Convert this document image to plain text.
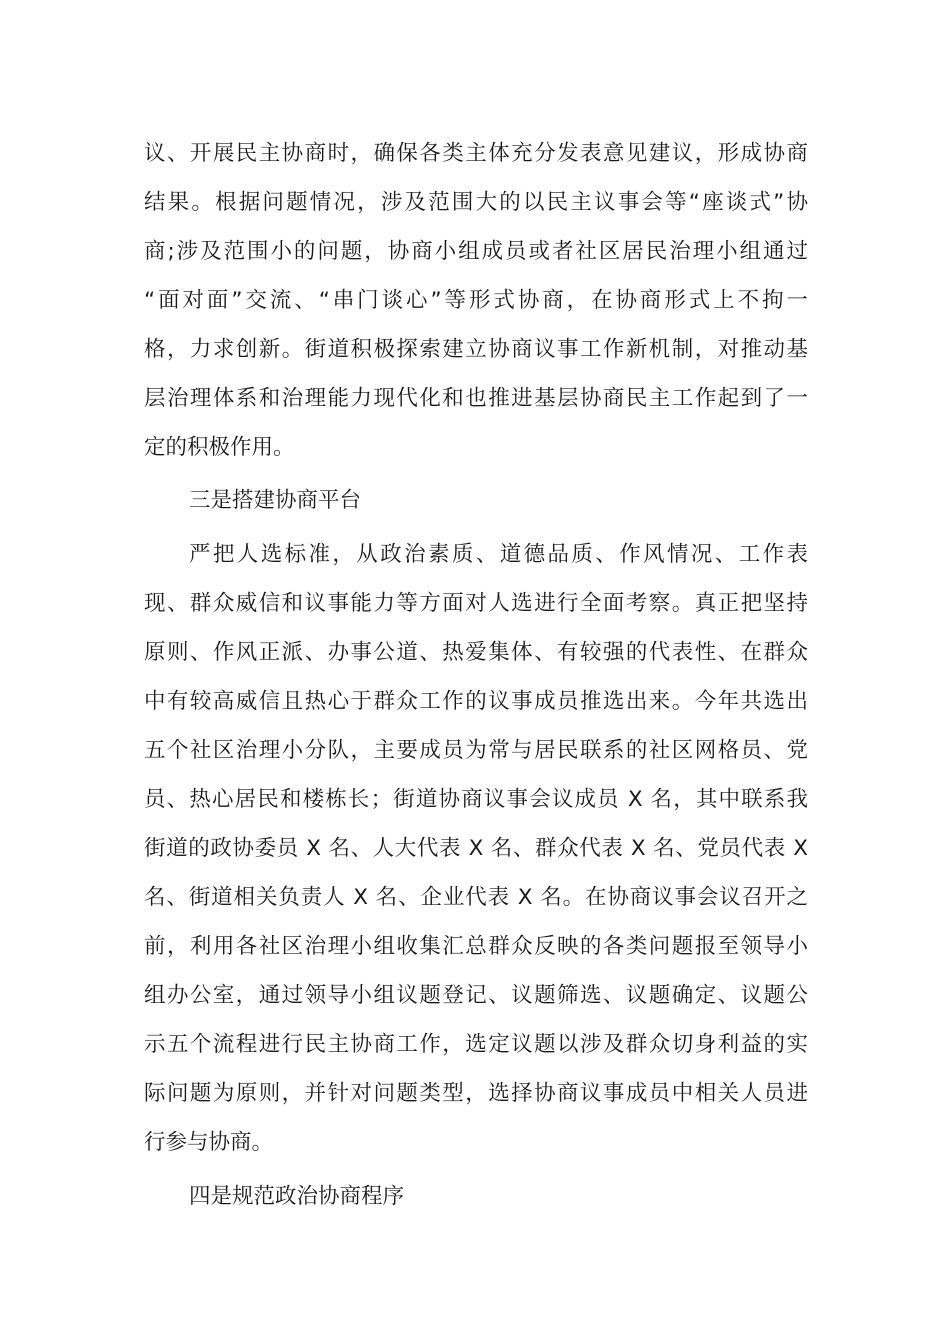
议、开展民主协商时，确保各类主体充分发表意见建议，形成协商
结果。根据问题情况，涉及范围大的以民主议事会等“座谈式”协
商;涉及范围小的问题，协商小组成员或者社区居民治理小组通过
“面对面”交流、“串门谈心”等形式协商，在协商形式上不拘一
格，力求创新。街道积极探索建立协商议事工作新机制，对推动基
层治理体系和治理能力现代化和也推进基层协商民主工作起到了一
定的积极作用。
三是搭建协商平台
严把人选标准，从政治素质、道德品质、作风情况、工作表
现、群众威信和议事能力等方面对人选进行全面考察。真正把坚持
原则、作风正派、办事公道、热爱集体、有较强的代表性、在群众
中有较高威信且热心于群众工作的议事成员推选出来。今年共选出
五个社区治理小分队，主要成员为常与居民联系的社区网格员、党
员、热心居民和楼栋长；街道协商议事会议成员 X 名，其中联系我
街道的政协委员 X 名、人大代表 X 名、群众代表 X 名、党员代表 X
名、街道相关负责人 X 名、企业代表 X 名。在协商议事会议召开之
前，利用各社区治理小组收集汇总群众反映的各类问题报至领导小
组办公室，通过领导小组议题登记、议题筛选、议题确定、议题公
示五个流程进行民主协商工作，选定议题以涉及群众切身利益的实
际问题为原则，并针对问题类型，选择协商议事成员中相关人员进
行参与协商。
四是规范政治协商程序
